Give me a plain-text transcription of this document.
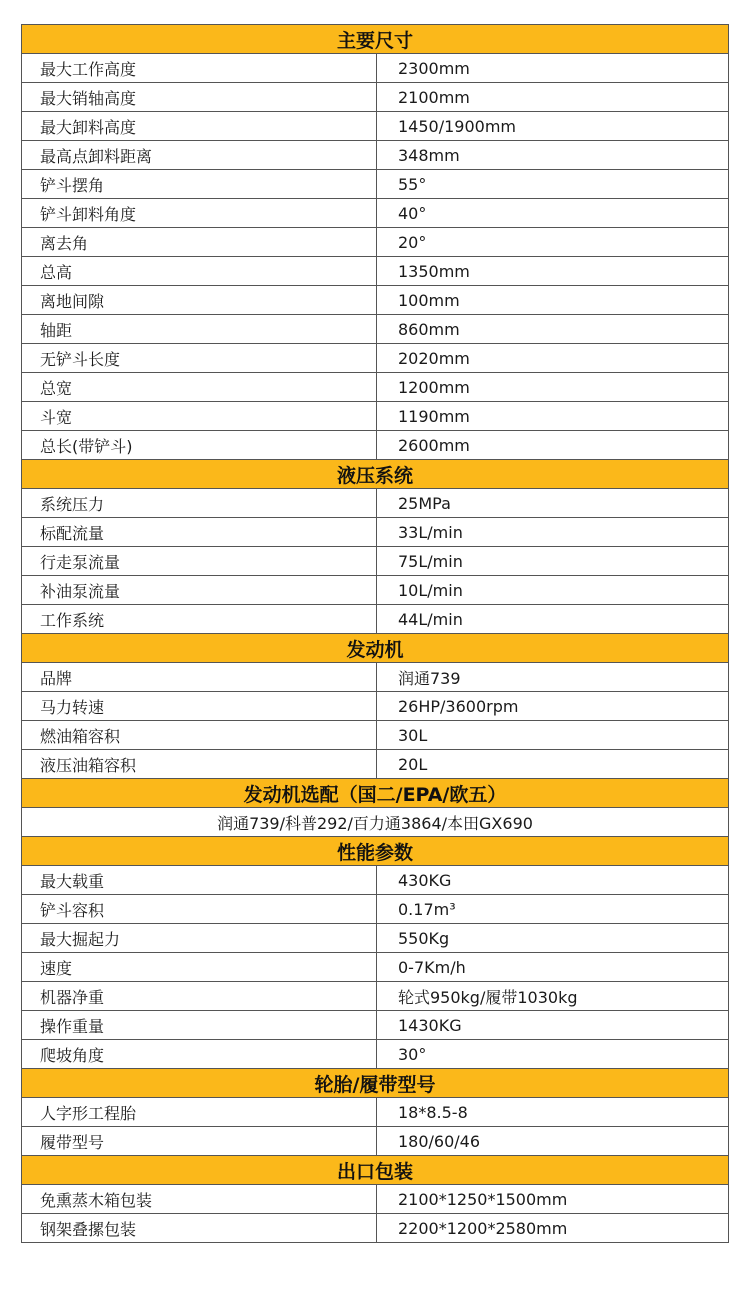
主要尺寸
最大工作高度	2300mm
最大销轴高度	2100mm
最大卸料高度	1450/1900mm
最高点卸料距离	348mm
铲斗摆角	55°
铲斗卸料角度	40°
离去角	20°
总高	1350mm
离地间隙	100mm
轴距	860mm
无铲斗长度	2020mm
总宽	1200mm
斗宽	1190mm
总长(带铲斗)	2600mm
液压系统
系统压力	25MPa
标配流量	33L/min
行走泵流量	75L/min
补油泵流量	10L/min
工作系统	44L/min
发动机
品牌	润通739
马力转速	26HP/3600rpm
燃油箱容积	30L
液压油箱容积	20L
发动机选配（国二/EPA/欧五）
润通739/科普292/百力通3864/本田GX690
性能参数
最大载重	430KG
铲斗容积	0.17m³
最大掘起力	550Kg
速度	0-7Km/h
机器净重	轮式950kg/履带1030kg
操作重量	1430KG
爬坡角度	30°
轮胎/履带型号
人字形工程胎	18*8.5-8
履带型号	180/60/46
出口包装
免熏蒸木箱包装	2100*1250*1500mm
钢架叠摞包装	2200*1200*2580mm
